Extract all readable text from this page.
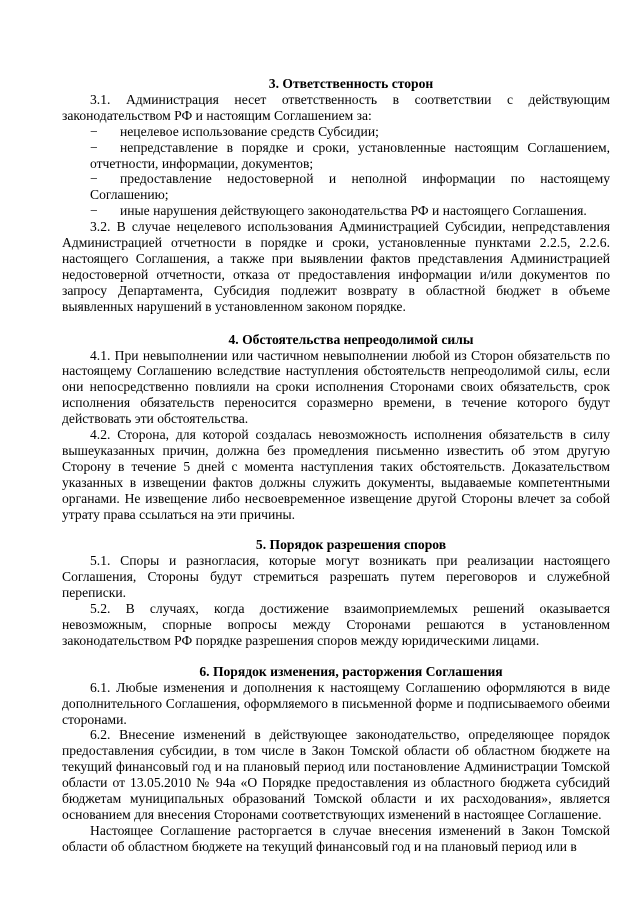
3. Ответственность сторон

3.1. Администрация несет ответственность в соответствии с действующим законодательством РФ и настоящим Соглашением за:

− нецелевое использование средств Субсидии;

− непредставление в порядке и сроки, установленные настоящим Соглашением, отчетности, информации, документов;

− предоставление недостоверной и неполной информации по настоящему Соглашению;

− иные нарушения действующего законодательства РФ и настоящего Соглашения.

3.2. В случае нецелевого использования Администрацией Субсидии, непредставления Администрацией отчетности в порядке и сроки, установленные пунктами 2.2.5, 2.2.6. настоящего Соглашения, а также при выявлении фактов представления Администрацией недостоверной отчетности, отказа от предоставления информации и/или документов по запросу Департамента, Субсидия подлежит возврату в областной бюджет в объеме выявленных нарушений в установленном законом порядке.

4. Обстоятельства непреодолимой силы

4.1. При невыполнении или частичном невыполнении любой из Сторон обязательств по настоящему Соглашению вследствие наступления обстоятельств непреодолимой силы, если они непосредственно повлияли на сроки исполнения Сторонами своих обязательств, срок исполнения обязательств переносится соразмерно времени, в течение которого будут действовать эти обстоятельства.

4.2. Сторона, для которой создалась невозможность исполнения обязательств в силу вышеуказанных причин, должна без промедления письменно известить об этом другую Сторону в течение 5 дней с момента наступления таких обстоятельств. Доказательством указанных в извещении фактов должны служить документы, выдаваемые компетентными органами. Не извещение либо несвоевременное извещение другой Стороны влечет за собой утрату права ссылаться на эти причины.

5. Порядок разрешения споров

5.1. Споры и разногласия, которые могут возникать при реализации настоящего Соглашения, Стороны будут стремиться разрешать путем переговоров и служебной переписки.

5.2. В случаях, когда достижение взаимоприемлемых решений оказывается невозможным, спорные вопросы между Сторонами решаются в установленном законодательством РФ порядке разрешения споров между юридическими лицами.

6. Порядок изменения, расторжения Соглашения

6.1. Любые изменения и дополнения к настоящему Соглашению оформляются в виде дополнительного Соглашения, оформляемого в письменной форме и подписываемого обеими сторонами.

6.2. Внесение изменений в действующее законодательство, определяющее порядок предоставления субсидии, в том числе в Закон Томской области об областном бюджете на текущий финансовый год и на плановый период или постановление Администрации Томской области от 13.05.2010 № 94а «О Порядке предоставления из областного бюджета субсидий бюджетам муниципальных образований Томской области и их расходования», является основанием для внесения Сторонами соответствующих изменений в настоящее Соглашение.

Настоящее Соглашение расторгается в случае внесения изменений в Закон Томской области об областном бюджете на текущий финансовый год и на плановый период или в
